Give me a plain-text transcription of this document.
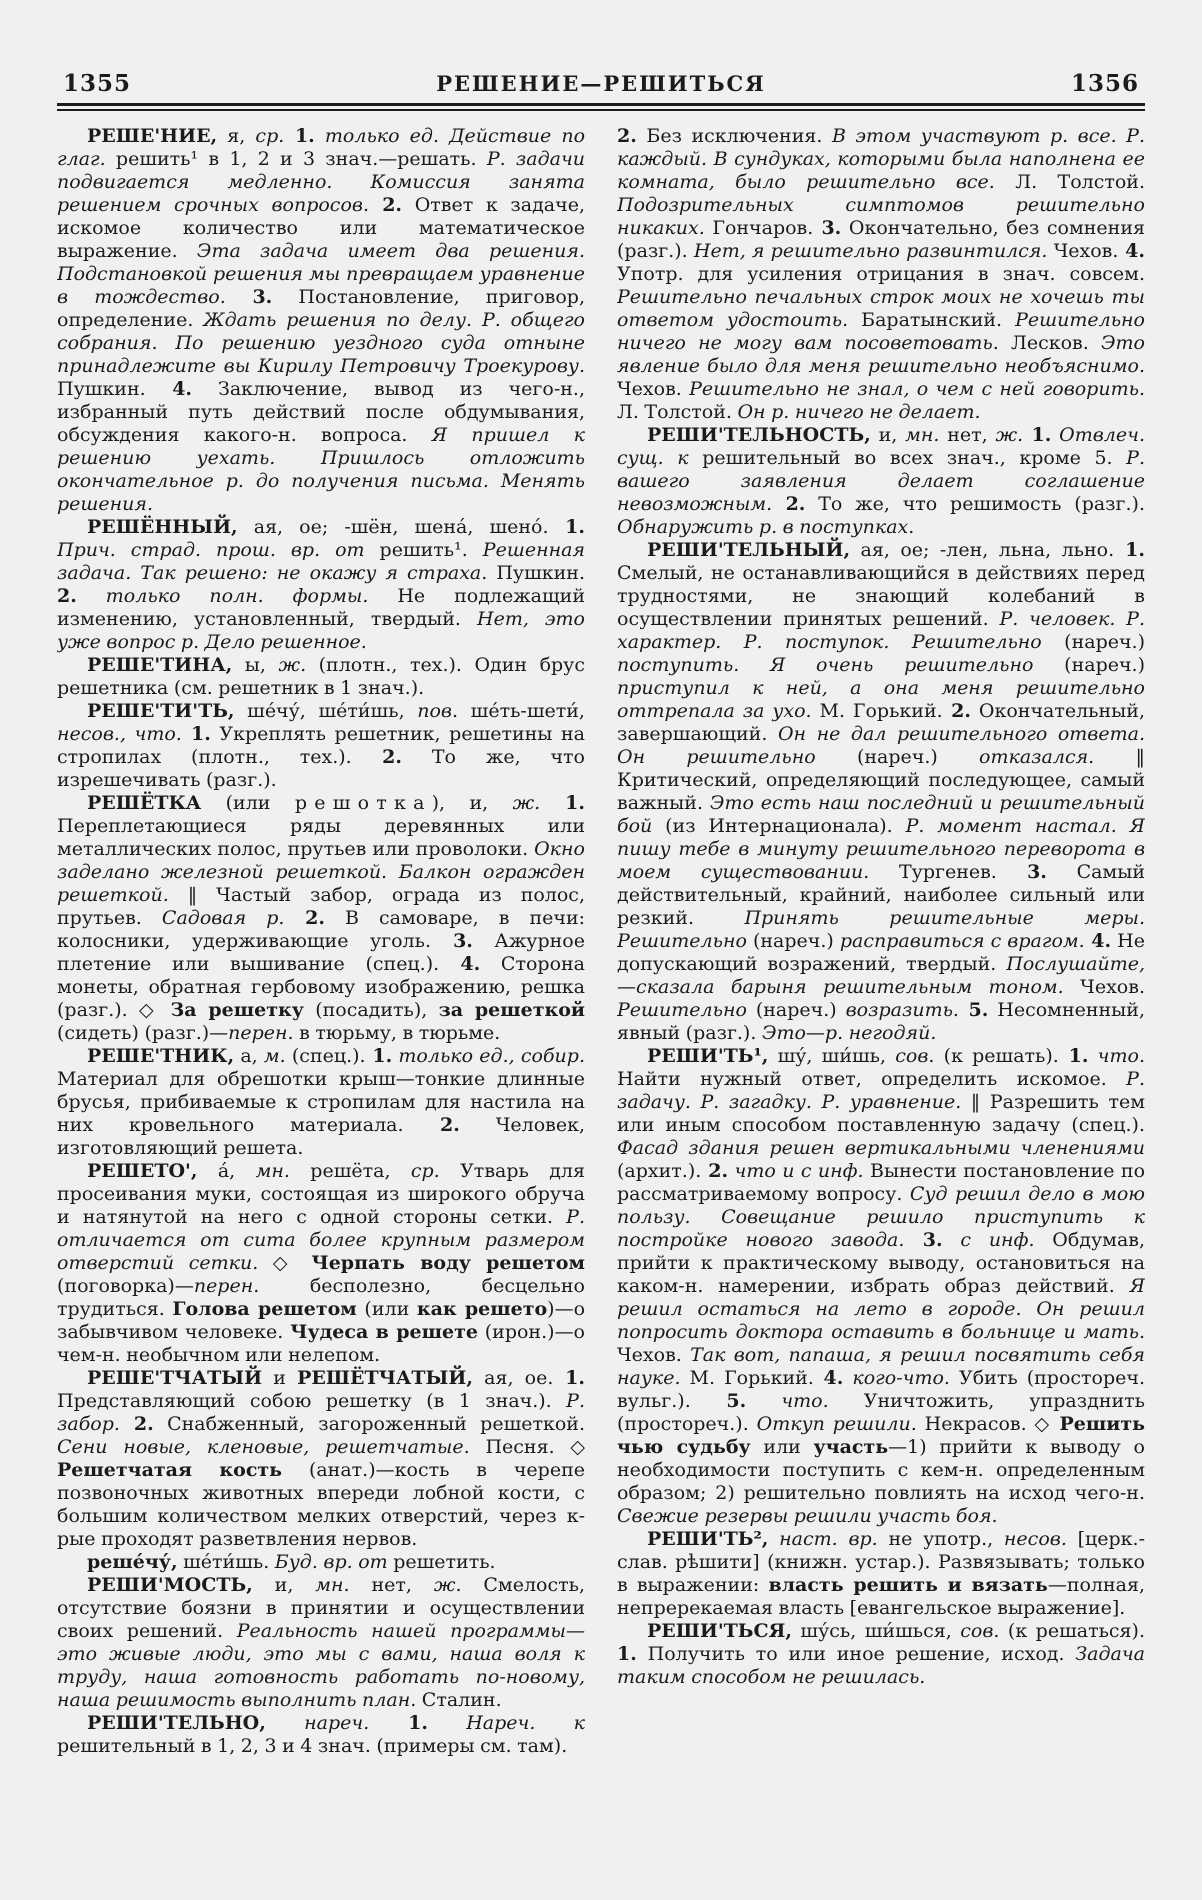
1355	РЕШЕНИЕ—РЕШИТЬСЯ	1356

РЕШЕ'НИЕ, я, ср. 1. только ед. Действие по глаг. решить¹ в 1, 2 и 3 знач.—решать. Р. задачи подвигается медленно. Комиссия занята решением срочных вопросов. 2. Ответ к задаче, искомое количество или математическое выражение. Эта задача имеет два решения. Подстановкой решения мы превращаем уравнение в тождество. 3. Постановление, приговор, определение. Ждать решения по делу. Р. общего собрания. По решению уездного суда отныне принадлежите вы Кирилу Петровичу Троекурову. Пушкин. 4. Заключение, вывод из чего-н., избранный путь действий после обдумывания, обсуждения какого-н. вопроса. Я пришел к решению уехать. Пришлось отложить окончательное р. до получения письма. Менять решения.

РЕШЁННЫЙ, ая, ое; -шён, шена́, шено́. 1. Прич. страд. прош. вр. от решить¹. Решенная задача. Так решено: не окажу я страха. Пушкин. 2. только полн. формы. Не подлежащий изменению, установленный, твердый. Нет, это уже вопрос р. Дело решенное.

РЕШЕ'ТИНА, ы, ж. (плотн., тех.). Один брус решетника (см. решетник в 1 знач.).

РЕШЕ'ТИ'ТЬ, ше́чу́, ше́ти́шь, пов. ше́ть-шети́, несов., что. 1. Укреплять решетник, решетины на стропилах (плотн., тех.). 2. То же, что изрешечивать (разг.).

РЕШЁТКА (или решотка), и, ж. 1. Переплетающиеся ряды деревянных или металлических полос, прутьев или проволоки. Окно заделано железной решеткой. Балкон огражден решеткой. ‖ Частый забор, ограда из полос, прутьев. Садовая р. 2. В самоваре, в печи: колосники, удерживающие уголь. 3. Ажурное плетение или вышивание (спец.). 4. Сторона монеты, обратная гербовому изображению, решка (разг.). ◇ За решетку (посадить), за решеткой (сидеть) (разг.)—перен. в тюрьму, в тюрьме.

РЕШЕ'ТНИК, а, м. (спец.). 1. только ед., собир. Материал для обрешотки крыш—тонкие длинные брусья, прибиваемые к стропилам для настила на них кровельного материала. 2. Человек, изготовляющий решета.

РЕШЕТО', а́, мн. решёта, ср. Утварь для просеивания муки, состоящая из широкого обруча и натянутой на него с одной стороны сетки. Р. отличается от сита более крупным размером отверстий сетки. ◇ Черпать воду решетом (поговорка)—перен. бесполезно, бесцельно трудиться. Голова решетом (или как решето)—о забывчивом человеке. Чудеса в решете (ирон.)—о чем-н. необычном или нелепом.

РЕШЕ'ТЧАТЫЙ и РЕШЁТЧАТЫЙ, ая, ое. 1. Представляющий собою решетку (в 1 знач.). Р. забор. 2. Снабженный, загороженный решеткой. Сени новые, кленовые, решетчатые. Песня. ◇ Решетчатая кость (анат.)—кость в черепе позвоночных животных впереди лобной кости, с большим количеством мелких отверстий, через к-рые проходят разветвления нервов.

реше́чу́, ше́ти́шь. Буд. вр. от решетить.

РЕШИ'МОСТЬ, и, мн. нет, ж. Смелость, отсутствие боязни в принятии и осуществлении своих решений. Реальность нашей программы—это живые люди, это мы с вами, наша воля к труду, наша готовность работать по-новому, наша решимость выполнить план. Сталин.

РЕШИ'ТЕЛЬНО, нареч. 1. Нареч. к решительный в 1, 2, 3 и 4 знач. (примеры см. там).

2. Без исключения. В этом участвуют р. все. Р. каждый. В сундуках, которыми была наполнена ее комната, было решительно все. Л. Толстой. Подозрительных симптомов решительно никаких. Гончаров. 3. Окончательно, без сомнения (разг.). Нет, я решительно развинтился. Чехов. 4. Употр. для усиления отрицания в знач. совсем. Решительно печальных строк моих не хочешь ты ответом удостоить. Баратынский. Решительно ничего не могу вам посоветовать. Лесков. Это явление было для меня решительно необъяснимо. Чехов. Решительно не знал, о чем с ней говорить. Л. Толстой. Он р. ничего не делает.

РЕШИ'ТЕЛЬНОСТЬ, и, мн. нет, ж. 1. Отвлеч. сущ. к решительный во всех знач., кроме 5. Р. вашего заявления делает соглашение невозможным. 2. То же, что решимость (разг.). Обнаружить р. в поступках.

РЕШИ'ТЕЛЬНЫЙ, ая, ое; -лен, льна, льно. 1. Смелый, не останавливающийся в действиях перед трудностями, не знающий колебаний в осуществлении принятых решений. Р. человек. Р. характер. Р. поступок. Решительно (нареч.) поступить. Я очень решительно (нареч.) приступил к ней, а она меня решительно оттрепала за ухо. М. Горький. 2. Окончательный, завершающий. Он не дал решительного ответа. Он решительно (нареч.) отказался. ‖ Критический, определяющий последующее, самый важный. Это есть наш последний и решительный бой (из Интернационала). Р. момент настал. Я пишу тебе в минуту решительного переворота в моем существовании. Тургенев. 3. Самый действительный, крайний, наиболее сильный или резкий. Принять решительные меры. Решительно (нареч.) расправиться с врагом. 4. Не допускающий возражений, твердый. Послушайте,—сказала барыня решительным тоном. Чехов. Решительно (нареч.) возразить. 5. Несомненный, явный (разг.). Это—р. негодяй.

РЕШИ'ТЬ¹, шу́, ши́шь, сов. (к решать). 1. что. Найти нужный ответ, определить искомое. Р. задачу. Р. загадку. Р. уравнение. ‖ Разрешить тем или иным способом поставленную задачу (спец.). Фасад здания решен вертикальными членениями (архит.). 2. что и с инф. Вынести постановление по рассматриваемому вопросу. Суд решил дело в мою пользу. Совещание решило приступить к постройке нового завода. 3. с инф. Обдумав, прийти к практическому выводу, остановиться на каком-н. намерении, избрать образ действий. Я решил остаться на лето в городе. Он решил попросить доктора оставить в больнице и мать. Чехов. Так вот, папаша, я решил посвятить себя науке. М. Горький. 4. кого-что. Убить (простореч. вульг.). 5. что. Уничтожить, упразднить (простореч.). Откуп решили. Некрасов. ◇ Решить чью судьбу или участь—1) прийти к выводу о необходимости поступить с кем-н. определенным образом; 2) решительно повлиять на исход чего-н. Свежие резервы решили участь боя.

РЕШИ'ТЬ², наст. вр. не употр., несов. [церк.-слав. рѣшити] (книжн. устар.). Развязывать; только в выражении: власть решить и вязать—полная, непререкаемая власть [евангельское выражение].

РЕШИ'ТЬСЯ, шу́сь, ши́шься, сов. (к решаться). 1. Получить то или иное решение, исход. Задача таким способом не решилась.
